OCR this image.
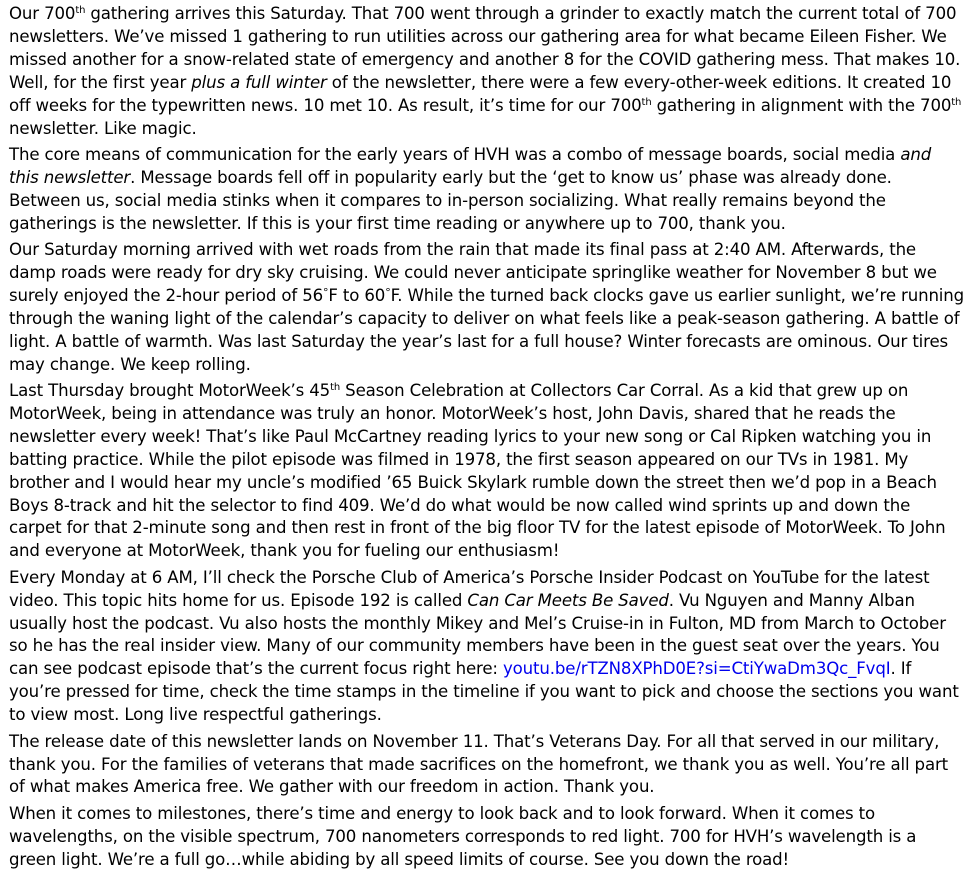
Our 700th gathering arrives this Saturday. That 700 went through a grinder to exactly match the current total of 700 newsletters. We’ve missed 1 gathering to run utilities across our gathering area for what became Eileen Fisher. We missed another for a snow-related state of emergency and another 8 for the COVID gathering mess. That makes 10. Well, for the first year plus a full winter of the newsletter, there were a few every-other-week editions. It created 10 off weeks for the typewritten news. 10 met 10. As result, it’s time for our 700th gathering in alignment with the 700th newsletter. Like magic.

The core means of communication for the early years of HVH was a combo of message boards, social media and this newsletter. Message boards fell off in popularity early but the ‘get to know us’ phase was already done. Between us, social media stinks when it compares to in-person socializing. What really remains beyond the gatherings is the newsletter. If this is your first time reading or anywhere up to 700, thank you.

Our Saturday morning arrived with wet roads from the rain that made its final pass at 2:40 AM. Afterwards, the damp roads were ready for dry sky cruising. We could never anticipate springlike weather for November 8 but we surely enjoyed the 2-hour period of 56°F to 60°F. While the turned back clocks gave us earlier sunlight, we’re running through the waning light of the calendar’s capacity to deliver on what feels like a peak-season gathering. A battle of light. A battle of warmth. Was last Saturday the year’s last for a full house? Winter forecasts are ominous. Our tires may change. We keep rolling.

Last Thursday brought MotorWeek’s 45th Season Celebration at Collectors Car Corral. As a kid that grew up on MotorWeek, being in attendance was truly an honor. MotorWeek’s host, John Davis, shared that he reads the newsletter every week! That’s like Paul McCartney reading lyrics to your new song or Cal Ripken watching you in batting practice. While the pilot episode was filmed in 1978, the first season appeared on our TVs in 1981. My brother and I would hear my uncle’s modified ’65 Buick Skylark rumble down the street then we’d pop in a Beach Boys 8-track and hit the selector to find 409. We’d do what would be now called wind sprints up and down the carpet for that 2-minute song and then rest in front of the big floor TV for the latest episode of MotorWeek. To John and everyone at MotorWeek, thank you for fueling our enthusiasm!

Every Monday at 6 AM, I’ll check the Porsche Club of America’s Porsche Insider Podcast on YouTube for the latest video. This topic hits home for us. Episode 192 is called Can Car Meets Be Saved. Vu Nguyen and Manny Alban usually host the podcast. Vu also hosts the monthly Mikey and Mel’s Cruise-in in Fulton, MD from March to October so he has the real insider view. Many of our community members have been in the guest seat over the years. You can see podcast episode that’s the current focus right here: youtu.be/rTZN8XPhD0E?si=CtiYwaDm3Qc_FvqI. If you’re pressed for time, check the time stamps in the timeline if you want to pick and choose the sections you want to view most. Long live respectful gatherings.

The release date of this newsletter lands on November 11. That’s Veterans Day. For all that served in our military, thank you. For the families of veterans that made sacrifices on the homefront, we thank you as well. You’re all part of what makes America free. We gather with our freedom in action. Thank you.

When it comes to milestones, there’s time and energy to look back and to look forward. When it comes to wavelengths, on the visible spectrum, 700 nanometers corresponds to red light. 700 for HVH’s wavelength is a green light. We’re a full go…while abiding by all speed limits of course. See you down the road!
